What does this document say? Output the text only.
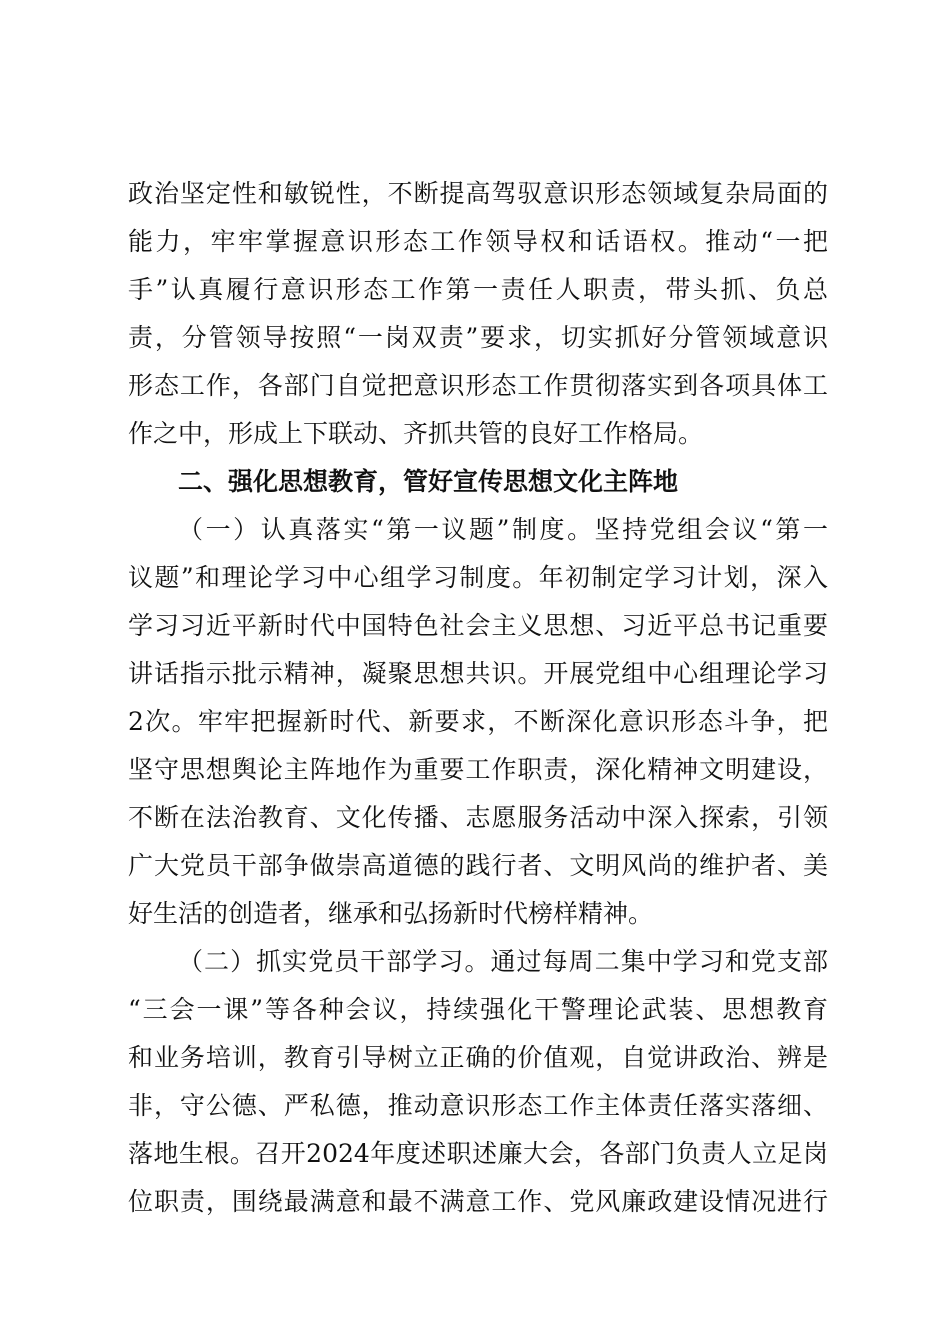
政治坚定性和敏锐性，不断提高驾驭意识形态领域复杂局面的
能力，牢牢掌握意识形态工作领导权和话语权。推动“一把
手”认真履行意识形态工作第一责任人职责，带头抓、负总
责，分管领导按照“一岗双责”要求，切实抓好分管领域意识
形态工作，各部门自觉把意识形态工作贯彻落实到各项具体工
作之中，形成上下联动、齐抓共管的良好工作格局。
二、强化思想教育，管好宣传思想文化主阵地
（一）认真落实“第一议题”制度。坚持党组会议“第一
议题”和理论学习中心组学习制度。年初制定学习计划，深入
学习习近平新时代中国特色社会主义思想、习近平总书记重要
讲话指示批示精神，凝聚思想共识。开展党组中心组理论学习
2次。牢牢把握新时代、新要求，不断深化意识形态斗争，把
坚守思想舆论主阵地作为重要工作职责，深化精神文明建设，
不断在法治教育、文化传播、志愿服务活动中深入探索，引领
广大党员干部争做崇高道德的践行者、文明风尚的维护者、美
好生活的创造者，继承和弘扬新时代榜样精神。
（二）抓实党员干部学习。通过每周二集中学习和党支部
“三会一课”等各种会议，持续强化干警理论武装、思想教育
和业务培训，教育引导树立正确的价值观，自觉讲政治、辨是
非，守公德、严私德，推动意识形态工作主体责任落实落细、
落地生根。召开2024年度述职述廉大会，各部门负责人立足岗
位职责，围绕最满意和最不满意工作、党风廉政建设情况进行
